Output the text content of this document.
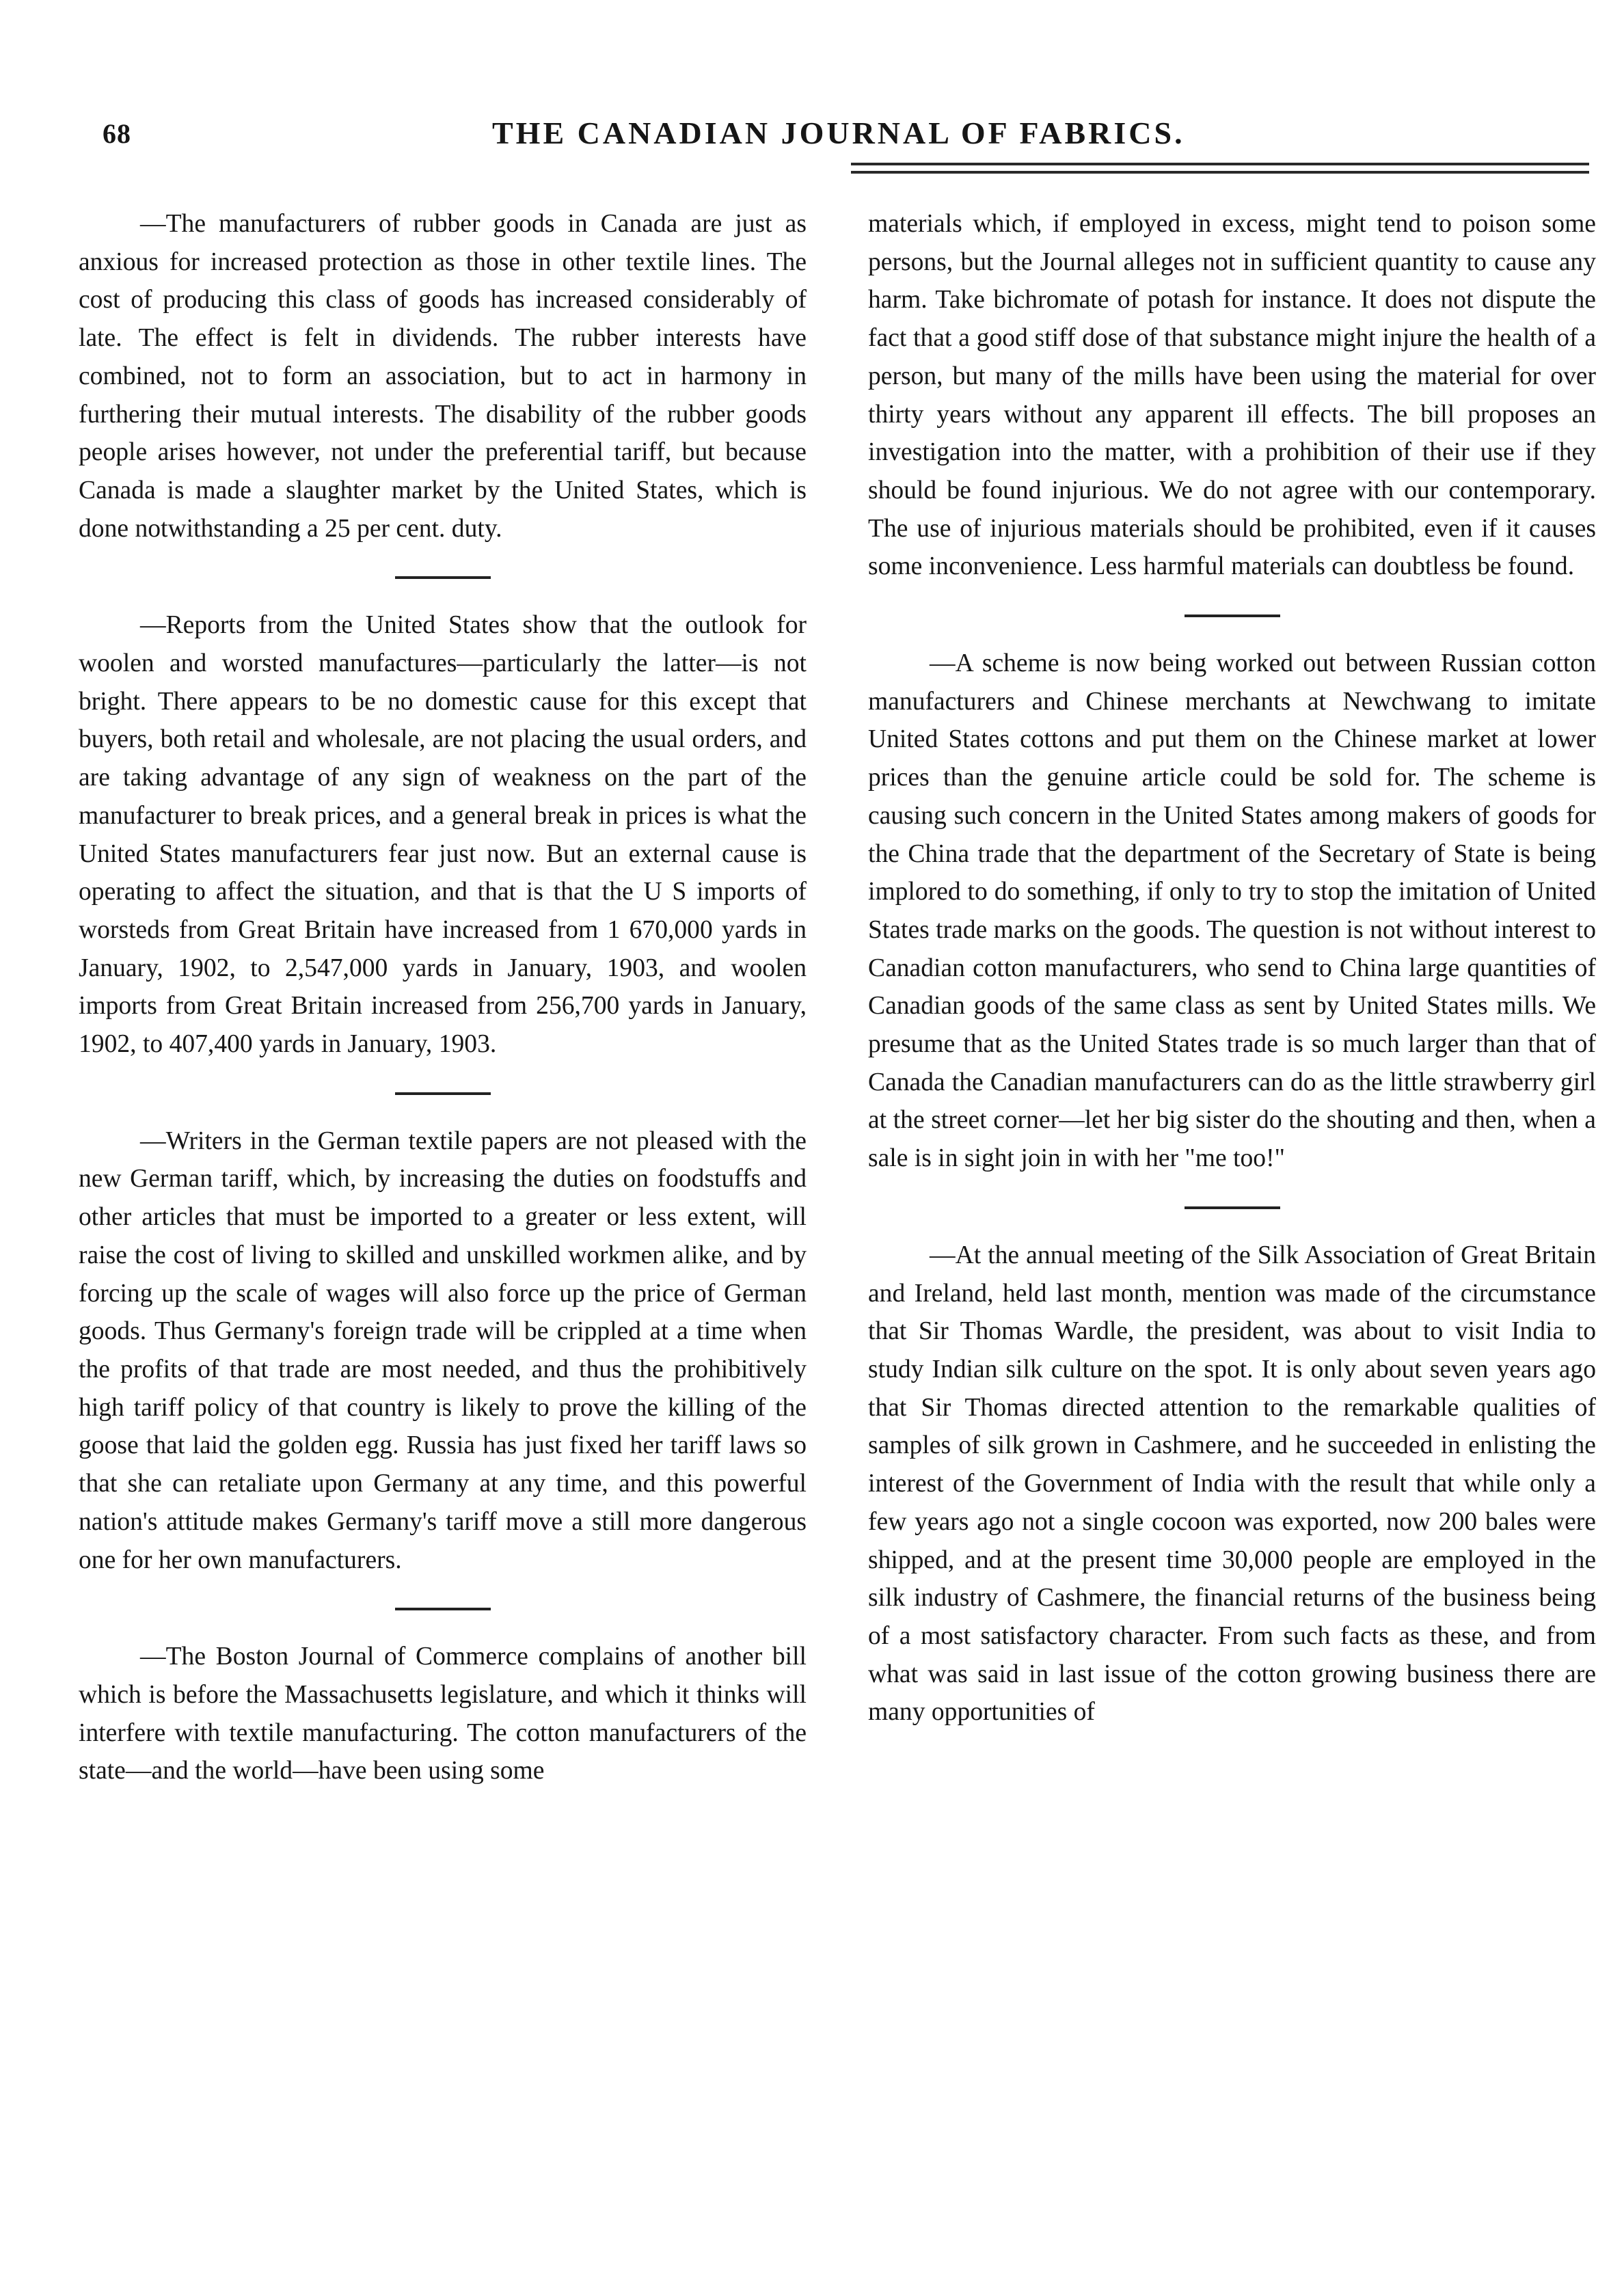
68	THE CANADIAN JOURNAL OF FABRICS.

—The manufacturers of rubber goods in Canada are just as anxious for increased protection as those in other textile lines. The cost of producing this class of goods has increased considerably of late. The effect is felt in dividends. The rubber interests have combined, not to form an association, but to act in harmony in furthering their mutual interests. The disability of the rubber goods people arises however, not under the preferential tariff, but because Canada is made a slaughter market by the United States, which is done notwithstanding a 25 per cent. duty.

—Reports from the United States show that the outlook for woolen and worsted manufactures—particularly the latter—is not bright. There appears to be no domestic cause for this except that buyers, both retail and wholesale, are not placing the usual orders, and are taking advantage of any sign of weakness on the part of the manufacturer to break prices, and a general break in prices is what the United States manufacturers fear just now. But an external cause is operating to affect the situation, and that is that the U S imports of worsteds from Great Britain have increased from 1 670,000 yards in January, 1902, to 2,547,000 yards in January, 1903, and woolen imports from Great Britain increased from 256,700 yards in January, 1902, to 407,400 yards in January, 1903.

—Writers in the German textile papers are not pleased with the new German tariff, which, by increasing the duties on foodstuffs and other articles that must be imported to a greater or less extent, will raise the cost of living to skilled and unskilled workmen alike, and by forcing up the scale of wages will also force up the price of German goods. Thus Germany's foreign trade will be crippled at a time when the profits of that trade are most needed, and thus the prohibitively high tariff policy of that country is likely to prove the killing of the goose that laid the golden egg. Russia has just fixed her tariff laws so that she can retaliate upon Germany at any time, and this powerful nation's attitude makes Germany's tariff move a still more dangerous one for her own manufacturers.

—The Boston Journal of Commerce complains of another bill which is before the Massachusetts legislature, and which it thinks will interfere with textile manufacturing. The cotton manufacturers of the state—and the world—have been using some

materials which, if employed in excess, might tend to poison some persons, but the Journal alleges not in sufficient quantity to cause any harm. Take bichromate of potash for instance. It does not dispute the fact that a good stiff dose of that substance might injure the health of a person, but many of the mills have been using the material for over thirty years without any apparent ill effects. The bill proposes an investigation into the matter, with a prohibition of their use if they should be found injurious. We do not agree with our contemporary. The use of injurious materials should be prohibited, even if it causes some inconvenience. Less harmful materials can doubtless be found.

—A scheme is now being worked out between Russian cotton manufacturers and Chinese merchants at Newchwang to imitate United States cottons and put them on the Chinese market at lower prices than the genuine article could be sold for. The scheme is causing such concern in the United States among makers of goods for the China trade that the department of the Secretary of State is being implored to do something, if only to try to stop the imitation of United States trade marks on the goods. The question is not without interest to Canadian cotton manufacturers, who send to China large quantities of Canadian goods of the same class as sent by United States mills. We presume that as the United States trade is so much larger than that of Canada the Canadian manufacturers can do as the little strawberry girl at the street corner—let her big sister do the shouting and then, when a sale is in sight join in with her "me too!"

—At the annual meeting of the Silk Association of Great Britain and Ireland, held last month, mention was made of the circumstance that Sir Thomas Wardle, the president, was about to visit India to study Indian silk culture on the spot. It is only about seven years ago that Sir Thomas directed attention to the remarkable qualities of samples of silk grown in Cashmere, and he succeeded in enlisting the interest of the Government of India with the result that while only a few years ago not a single cocoon was exported, now 200 bales were shipped, and at the present time 30,000 people are employed in the silk industry of Cashmere, the financial returns of the business being of a most satisfactory character. From such facts as these, and from what was said in last issue of the cotton growing business there are many opportunities of
